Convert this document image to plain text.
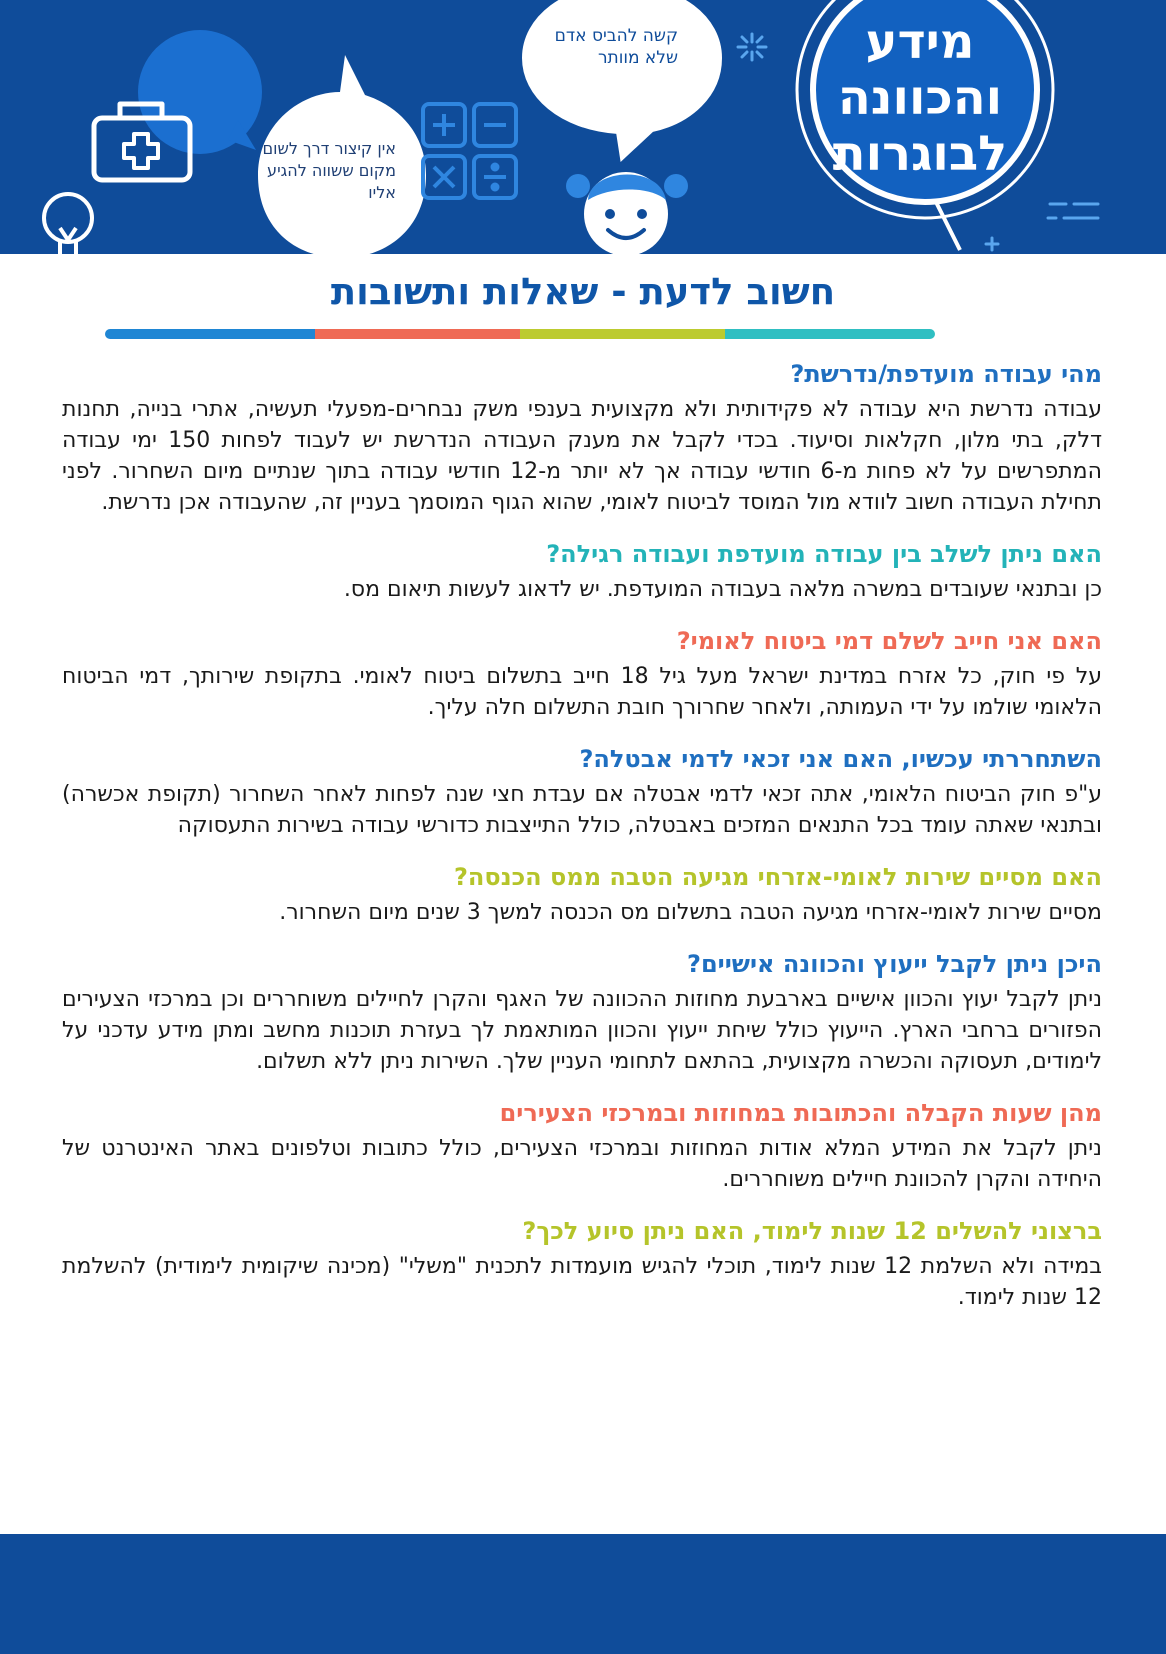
אין קיצור דרך לשום מקום ששווה להגיע אליו
קשה להביס אדם שלא מוותר	מידע
והכוונה
לבוגרות
חשוב לדעת - שאלות ותשובות
מהי עבודה מועדפת/נדרשת?

עבודה נדרשת היא עבודה לא פקידותית ולא מקצועית בענפי משק נבחרים-מפעלי תעשיה, אתרי בנייה, תחנות דלק, בתי מלון, חקלאות וסיעוד. בכדי לקבל את מענק העבודה הנדרשת יש לעבוד לפחות 150 ימי עבודה המתפרשים על לא פחות מ-6 חודשי עבודה אך לא יותר מ-12 חודשי עבודה בתוך שנתיים מיום השחרור. לפני תחילת העבודה חשוב לוודא מול המוסד לביטוח לאומי, שהוא הגוף המוסמך בעניין זה, שהעבודה אכן נדרשת.

האם ניתן לשלב בין עבודה מועדפת ועבודה רגילה?

כן ובתנאי שעובדים במשרה מלאה בעבודה המועדפת. יש לדאוג לעשות תיאום מס.

האם אני חייב לשלם דמי ביטוח לאומי?

על פי חוק, כל אזרח במדינת ישראל מעל גיל 18 חייב בתשלום ביטוח לאומי. בתקופת שירותך, דמי הביטוח הלאומי שולמו על ידי העמותה, ולאחר שחרורך חובת התשלום חלה עליך.

השתחררתי עכשיו, האם אני זכאי לדמי אבטלה?

ע"פ חוק הביטוח הלאומי, אתה זכאי לדמי אבטלה אם עבדת חצי שנה לפחות לאחר השחרור (תקופת אכשרה) ובתנאי שאתה עומד בכל התנאים המזכים באבטלה, כולל התייצבות כדורשי עבודה בשירות התעסוקה

האם מסיים שירות לאומי-אזרחי מגיעה הטבה ממס הכנסה?

מסיים שירות לאומי-אזרחי מגיעה הטבה בתשלום מס הכנסה למשך 3 שנים מיום השחרור.

היכן ניתן לקבל ייעוץ והכוונה אישיים?

ניתן לקבל יעוץ והכוון אישיים בארבעת מחוזות ההכוונה של האגף והקרן לחיילים משוחררים וכן במרכזי הצעירים הפזורים ברחבי הארץ. הייעוץ כולל שיחת ייעוץ והכוון המותאמת לך בעזרת תוכנות מחשב ומתן מידע עדכני על לימודים, תעסוקה והכשרה מקצועית, בהתאם לתחומי העניין שלך. השירות ניתן ללא תשלום.

מהן שעות הקבלה והכתובות במחוזות ובמרכזי הצעירים

ניתן לקבל את המידע המלא אודות המחוזות ובמרכזי הצעירים, כולל כתובות וטלפונים באתר האינטרנט של היחידה והקרן להכוונת חיילים משוחררים.

ברצוני להשלים 12 שנות לימוד, האם ניתן סיוע לכך?

במידה ולא השלמת 12 שנות לימוד, תוכלי להגיש מועמדות לתכנית "משלי" (מכינה שיקומית לימודית) להשלמת 12 שנות לימוד.
